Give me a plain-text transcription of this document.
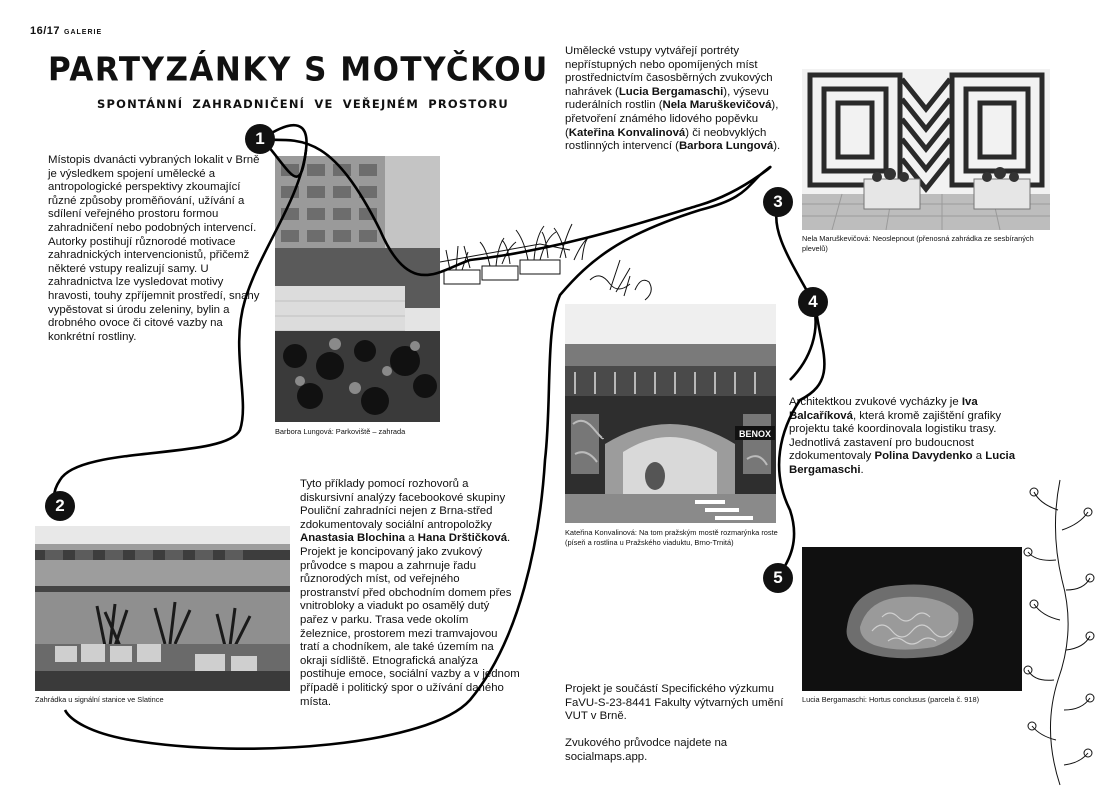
16/17 GALERIE
PARTYZÁNKY S MOTYČKOU
SPONTÁNNÍ ZAHRADNIČENÍ VE VEŘEJNÉM PROSTORU
Místopis dvanácti vybraných lokalit v Brně je výsledkem spojení umělecké a antropologické perspektivy zkoumající různé způsoby proměňování, užívání a sdílení veřejného prostoru formou zahradničení nebo podobných intervencí. Autorky postihují různorodé motivace zahradnických intervencionistů, přičemž některé vstupy realizují samy. U zahradnictva lze vysledovat motivy hravosti, touhy zpříjemnit prostředí, snahy vypěstovat si úrodu zeleniny, bylin a drobného ovoce či citové vazby na konkrétní rostliny.
Umělecké vstupy vytvářejí portréty nepřístupných nebo opomíjených míst prostřednictvím časosběrných zvukových nahrávek (Lucia Bergamaschi), výsevu ruderálních rostlin (Nela Maruškevičová), přetvoření známého lidového popěvku (Kateřina Konvalinová) či neobvyklých rostlinných intervencí (Barbora Lungová).
Tyto příklady pomocí rozhovorů a diskursivní analýzy facebookové skupiny Pouliční zahradníci nejen z Brna-střed zdokumentovaly sociální antropoložky Anastasia Blochina a Hana Drštičková. Projekt je koncipovaný jako zvukový průvodce s mapou a zahrnuje řadu různorodých míst, od veřejného prostranství před obchodním domem přes vnitrobloky a viadukt po osamělý dutý pařez v parku. Trasa vede okolím železnice, prostorem mezi tramvajovou tratí a chodníkem, ale také územím na okraji sídliště. Etnografická analýza postihuje emoce, sociální vazby a v jednom případě i politický spor o užívání daného místa.
Architektkou zvukové vycházky je Iva Balcaříková, která kromě zajištění grafiky projektu také koordinovala logistiku trasy. Jednotlivá zastavení pro budoucnost zdokumentovaly Polina Davydenko a Lucia Bergamaschi.
Projekt je součástí Specifického výzkumu FaVU-S-23-8441 Fakulty výtvarných umění VUT v Brně.
Zvukového průvodce najdete na socialmaps.app.
Barbora Lungová: Parkoviště – zahrada
Zahrádka u signální stanice ve Slatince
BENOX
Kateřina Konvalinová: Na tom pražským mostě rozmarýnka roste (píseň a rostlina u Pražského viaduktu, Brno-Trnitá)
Nela Maruškevičová: Neoslepnout (přenosná zahrádka ze sesbíraných plevelů)
Lucia Bergamaschi: Hortus conclusus (parcela č. 918)
1
2
3
4
5
